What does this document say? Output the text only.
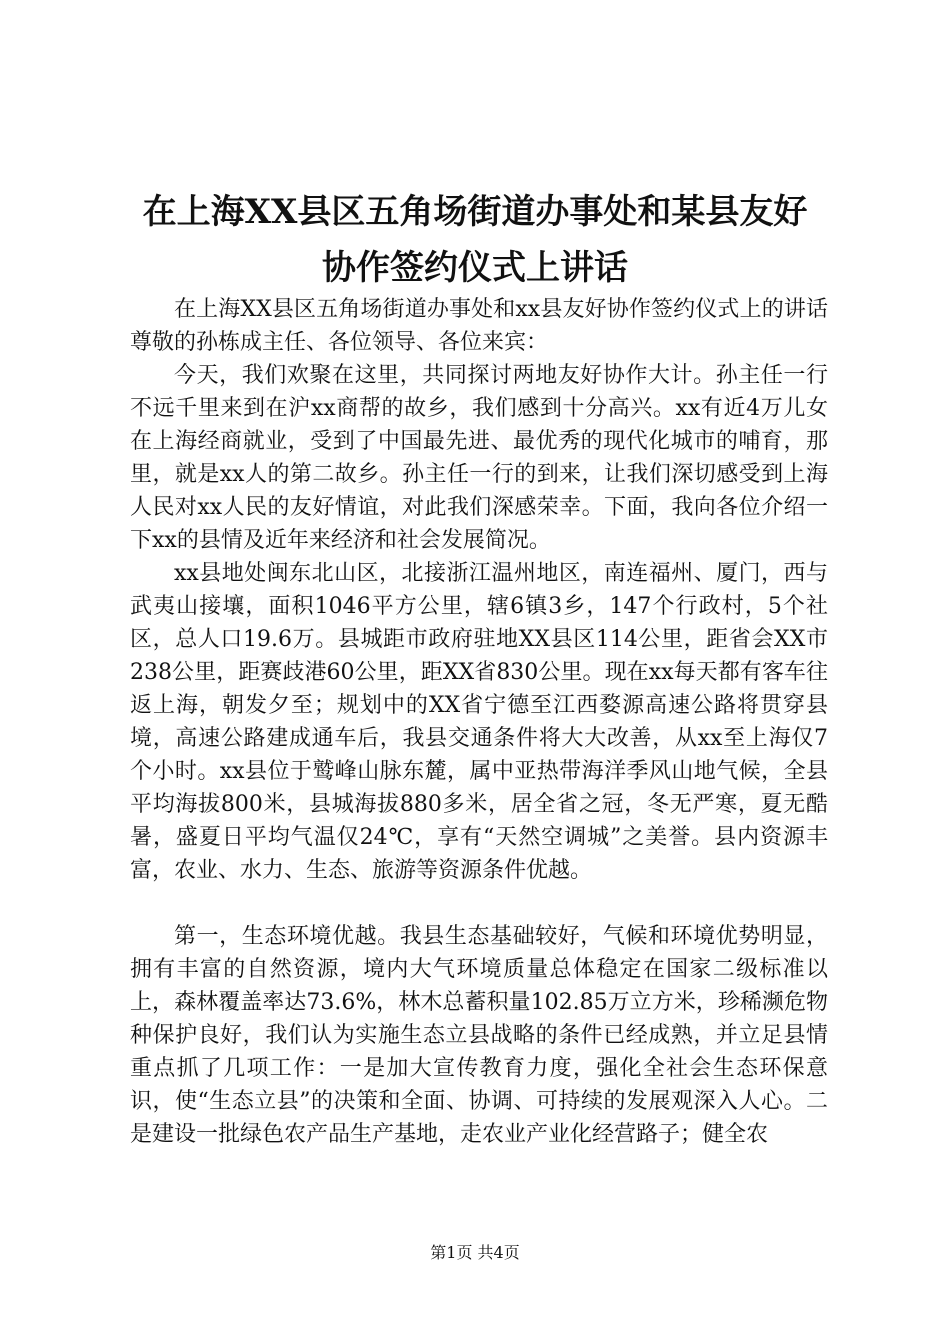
在上海XX县区五角场街道办事处和某县友好
协作签约仪式上讲话

在上海XX县区五角场街道办事处和xx县友好协作签约仪式上的讲话尊敬的孙栋成主任、各位领导、各位来宾：

今天，我们欢聚在这里，共同探讨两地友好协作大计。孙主任一行不远千里来到在沪xx商帮的故乡，我们感到十分高兴。xx有近4万儿女在上海经商就业，受到了中国最先进、最优秀的现代化城市的哺育，那里，就是xx人的第二故乡。孙主任一行的到来，让我们深切感受到上海人民对xx人民的友好情谊，对此我们深感荣幸。下面，我向各位介绍一下xx的县情及近年来经济和社会发展简况。

xx县地处闽东北山区，北接浙江温州地区，南连福州、厦门，西与武夷山接壤，面积1046平方公里，辖6镇3乡，147个行政村，5个社区，总人口19.6万。县城距市政府驻地XX县区114公里，距省会XX市238公里，距赛歧港60公里，距XX省830公里。现在xx每天都有客车往返上海，朝发夕至；规划中的XX省宁德至江西婺源高速公路将贯穿县境，高速公路建成通车后，我县交通条件将大大改善，从xx至上海仅7个小时。xx县位于鹫峰山脉东麓，属中亚热带海洋季风山地气候，全县平均海拔800米，县城海拔880多米，居全省之冠，冬无严寒，夏无酷暑，盛夏日平均气温仅24℃，享有“天然空调城”之美誉。县内资源丰富，农业、水力、生态、旅游等资源条件优越。

第一，生态环境优越。我县生态基础较好，气候和环境优势明显，拥有丰富的自然资源，境内大气环境质量总体稳定在国家二级标准以上，森林覆盖率达73.6%，林木总蓄积量102.85万立方米，珍稀濒危物种保护良好，我们认为实施生态立县战略的条件已经成熟，并立足县情重点抓了几项工作：一是加大宣传教育力度，强化全社会生态环保意识，使“生态立县”的决策和全面、协调、可持续的发展观深入人心。二是建设一批绿色农产品生产基地，走农业产业化经营路子；健全农

第1页 共4页
